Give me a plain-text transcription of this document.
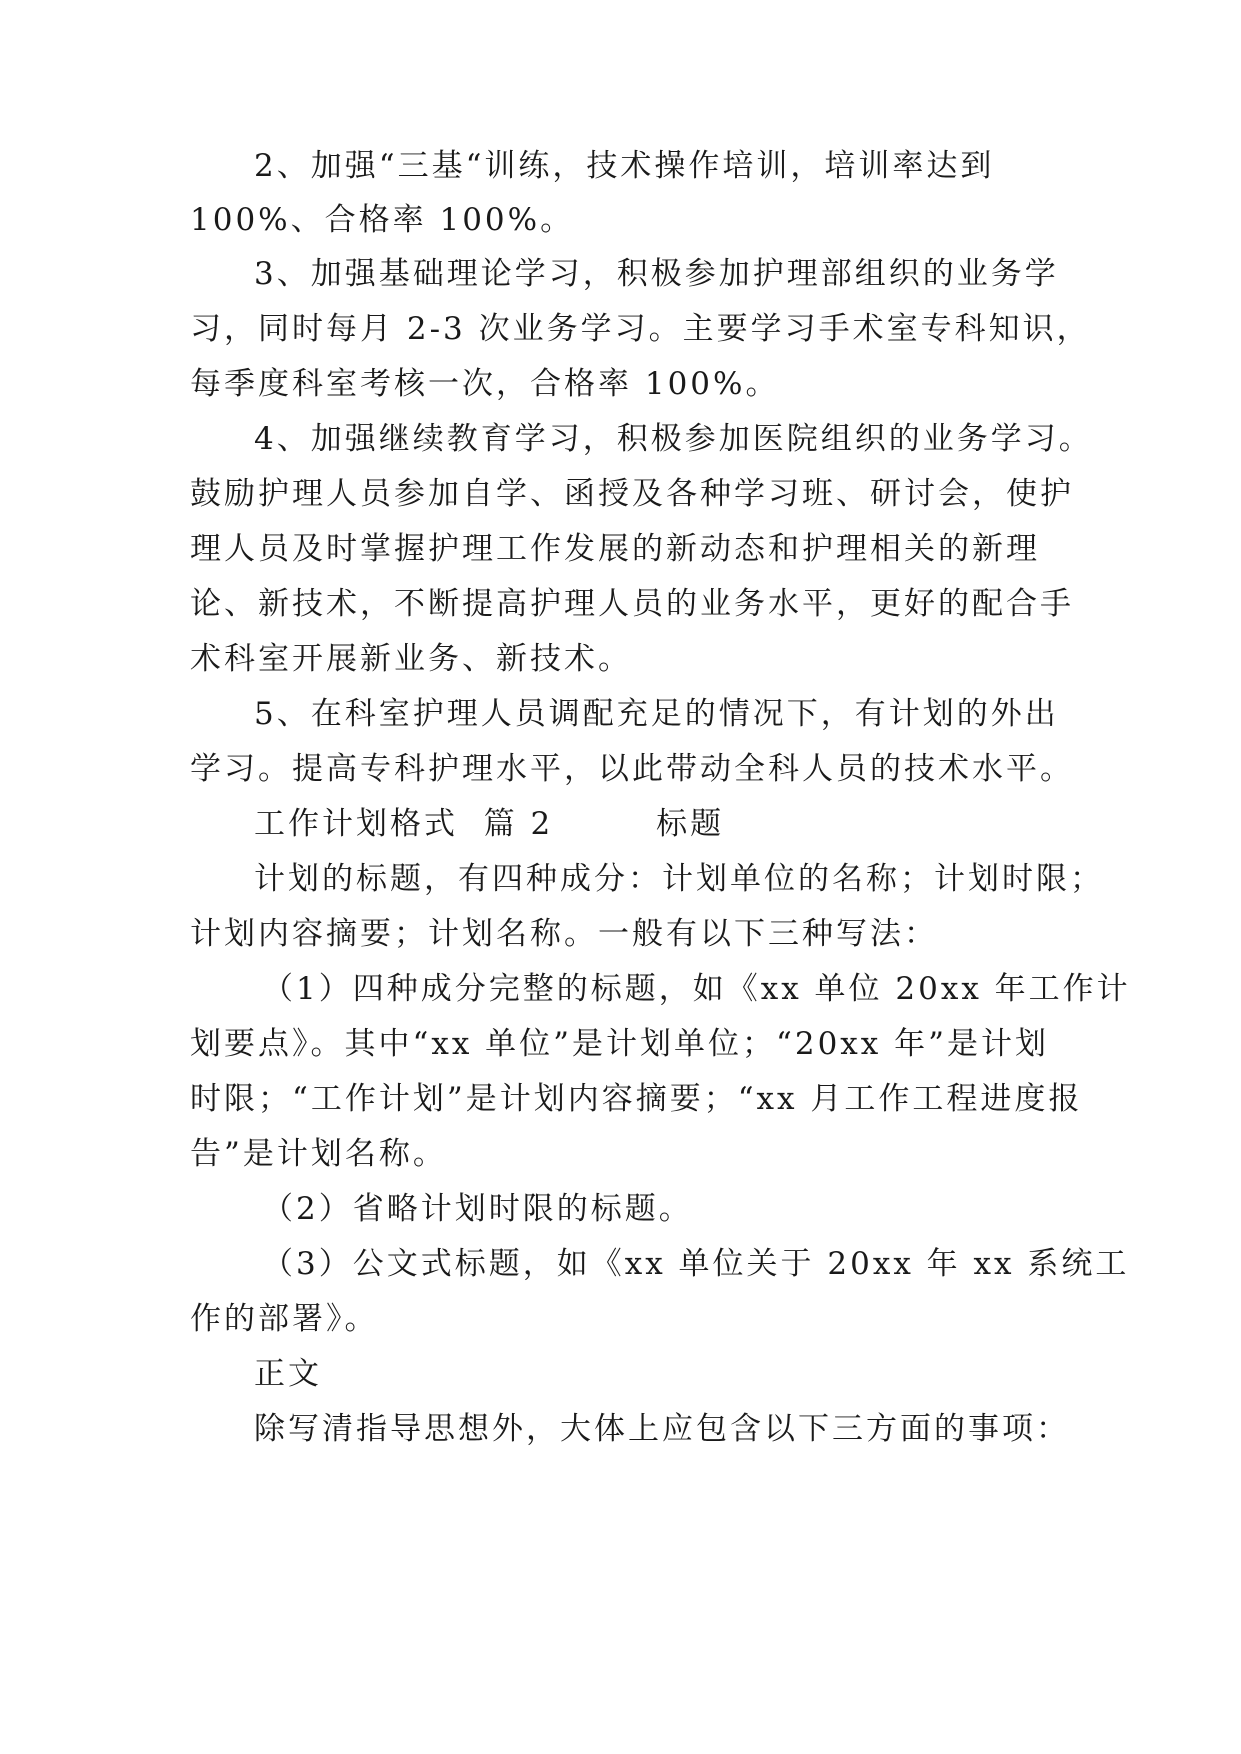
2、加强“三基“训练，技术操作培训，培训率达到

100%、合格率 100%。

3、加强基础理论学习，积极参加护理部组织的业务学

习，同时每月 2-3 次业务学习。主要学习手术室专科知识，

每季度科室考核一次，合格率 100%。

4、加强继续教育学习，积极参加医院组织的业务学习。

鼓励护理人员参加自学、函授及各种学习班、研讨会，使护

理人员及时掌握护理工作发展的新动态和护理相关的新理

论、新技术，不断提高护理人员的业务水平，更好的配合手

术科室开展新业务、新技术。

5、在科室护理人员调配充足的情况下，有计划的外出

学习。提高专科护理水平，以此带动全科人员的技术水平。

工作计划格式  篇 2        标题

计划的标题，有四种成分：计划单位的名称；计划时限；

计划内容摘要；计划名称。一般有以下三种写法：

（1）四种成分完整的标题，如《xx 单位 20xx 年工作计

划要点》。其中“xx 单位”是计划单位；“20xx 年”是计划

时限；“工作计划”是计划内容摘要；“xx 月工作工程进度报

告”是计划名称。

（2）省略计划时限的标题。

（3）公文式标题，如《xx 单位关于 20xx 年 xx 系统工

作的部署》。

正文

除写清指导思想外，大体上应包含以下三方面的事项：
